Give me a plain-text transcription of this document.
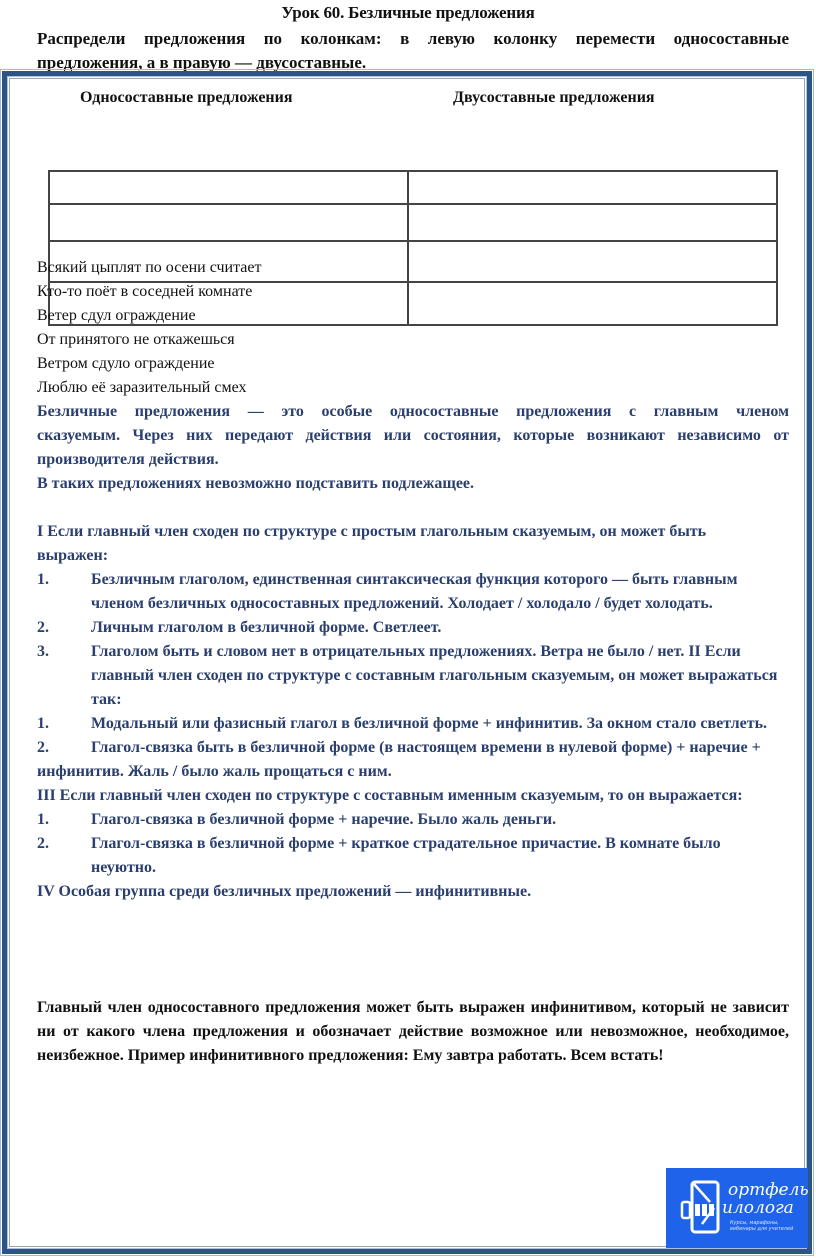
Урок 60. Безличные предложения
Распредели предложения по колонкам: в левую колонку перемести односоставные
предложения, а в правую — двусоставные.
Односоставные предложения	Двусоставные предложения

Всякий цыплят по осени считает
Кто-то поёт в соседней комнате
Ветер сдул ограждение
От принятого не откажешься
Ветром сдуло ограждение
Люблю её заразительный смех

Безличные предложения — это особые односоставные предложения с главным членом
сказуемым. Через них передают действия или состояния, которые возникают независимо от
производителя действия.

В таких предложениях невозможно подставить подлежащее.

I Если главный член сходен по структуре с простым глагольным сказуемым, он может быть выражен:

1.	Безличным глаголом, единственная синтаксическая функция которого — быть главным членом безличных односоставных предложений. Холодает / холодало / будет холодать.
2.	Личным глаголом в безличной форме. Светлеет.
3.	Глаголом быть и словом нет в отрицательных предложениях. Ветра не было / нет. II Если главный член сходен по структуре с составным глагольным сказуемым, он может выражаться так:
1.	Модальный или фазисный глагол в безличной форме + инфинитив. За окном стало светлеть.
2.	Глагол-связка быть в безличной форме (в настоящем времени в нулевой форме) + наречие + инфинитив. Жаль / было жаль прощаться с ним.

III Если главный член сходен по структуре с составным именным сказуемым, то он выражается:

1.	Глагол-связка в безличной форме + наречие. Было жаль деньги.
2.	Глагол-связка в безличной форме + краткое страдательное причастие. В комнате было неуютно.

IV Особая группа среди безличных предложений — инфинитивные.

Главный член односоставного предложения может быть выражен инфинитивом, который не зависит ни от какого члена предложения и обозначает действие возможное или невозможное, необходимое, неизбежное. Пример инфинитивного предложения: Ему завтра работать. Всем встать!
ортфель
илолога
Курсы, марафоны, вебинары для учителей
